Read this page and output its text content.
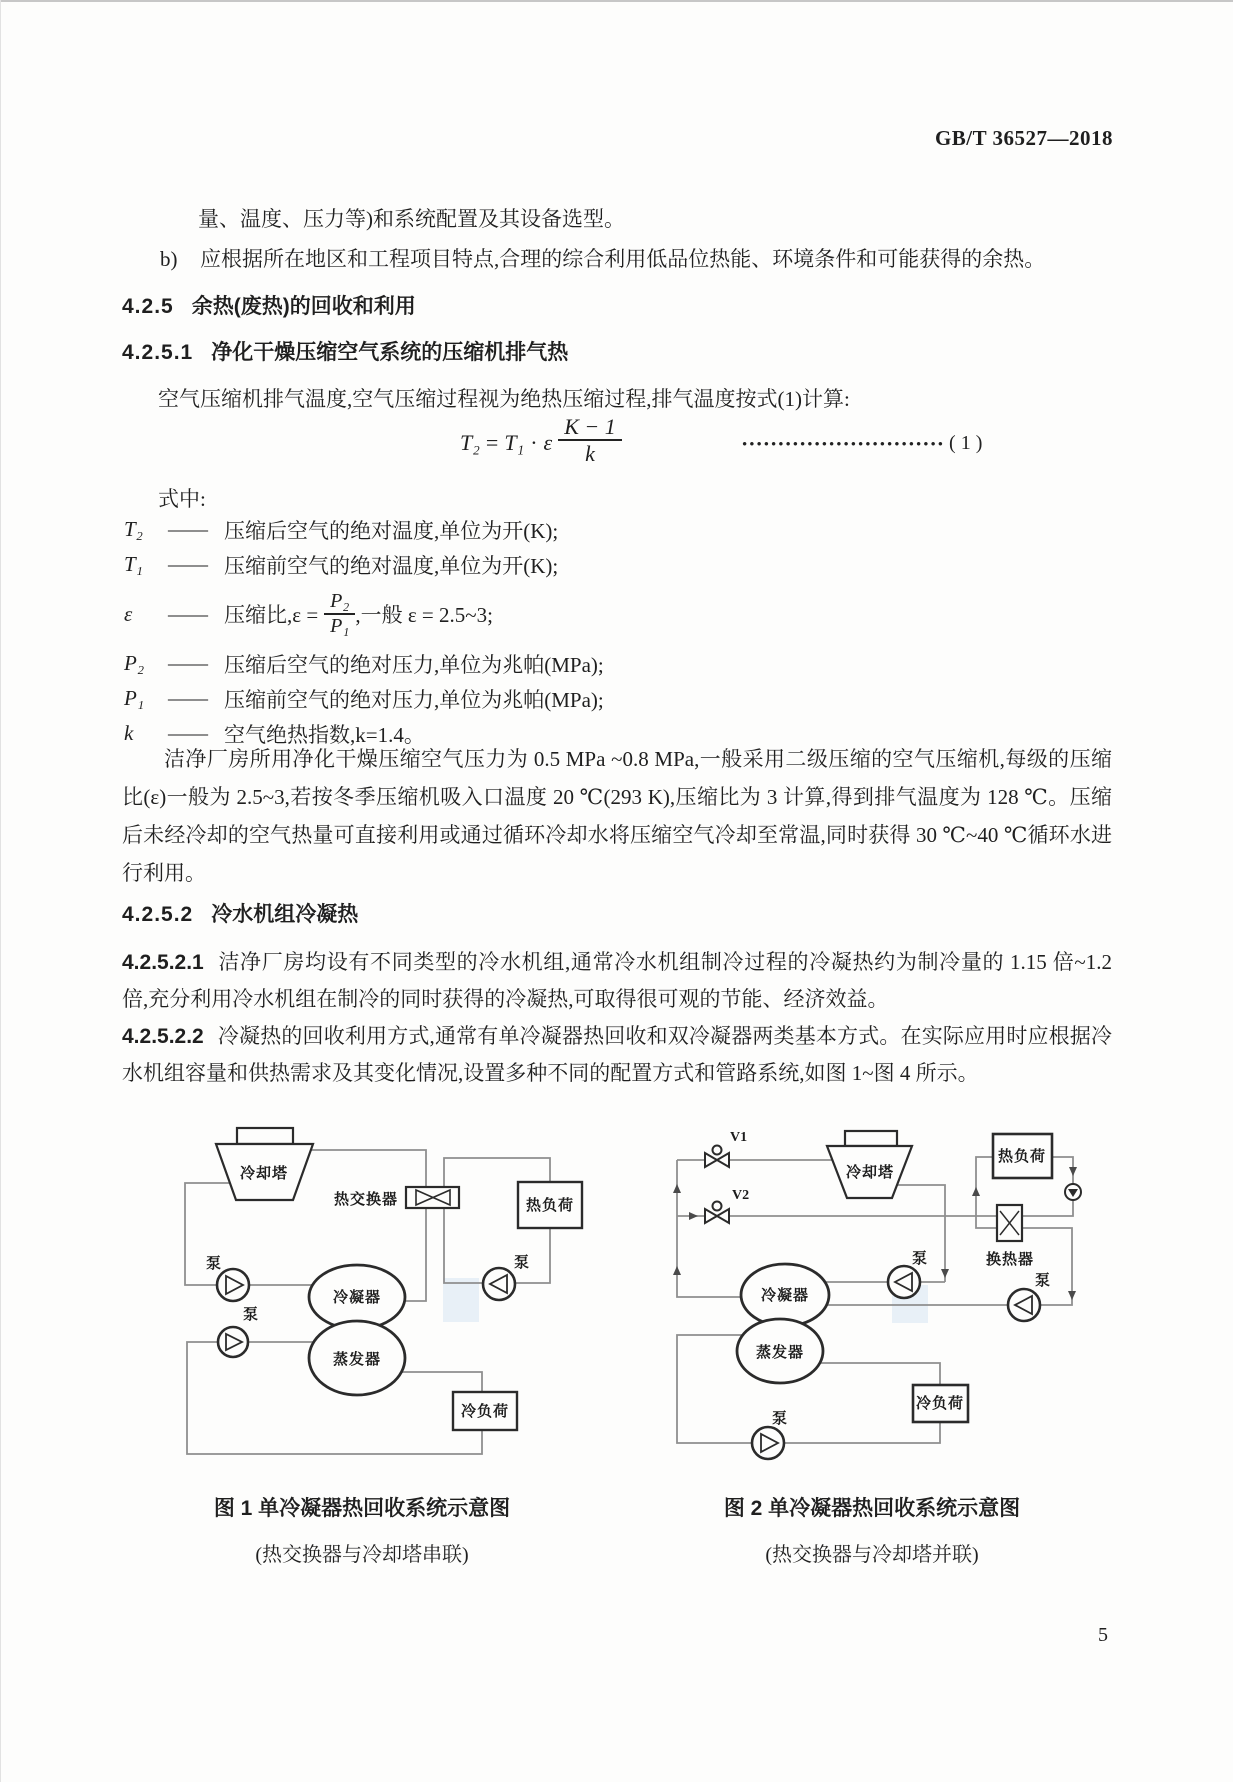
GB/T 36527—2018
量、温度、压力等)和系统配置及其设备选型。
b) 应根据所在地区和工程项目特点,合理的综合利用低品位热能、环境条件和可能获得的余热。
4.2.5 余热(废热)的回收和利用
4.2.5.1 净化干燥压缩空气系统的压缩机排气热
空气压缩机排气温度,空气压缩过程视为绝热压缩过程,排气温度按式(1)计算:
T₂ = T₁ · ε $\frac{K - 1}{k}$	•••••••••••••••••••••••••••• ( 1 )
式中:
T₂	—— 压缩后空气的绝对温度,单位为开(K);
T₁	—— 压缩前空气的绝对温度,单位为开(K);
ε	—— 压缩比$,\varepsilon = \frac{\text{P₂}}{\text{P₁}}$ ,一般 ε = 2.5~3;
P₂	—— 压缩后空气的绝对压力,单位为兆帕(MPa);
P₁	—— 压缩前空气的绝对压力,单位为兆帕(MPa);
k	—— 空气绝热指数,k=1.4。
洁净厂房所用净化干燥压缩空气压力为 0.5 MPa ~0.8 MPa,一般采用二级压缩的空气压缩机,每级的压缩比(ε)一般为 2.5~3,若按冬季压缩机吸入口温度 20 ℃(293 K),压缩比为 3 计算,得到排气温度为 128 ℃。压缩后未经冷却的空气热量可直接利用或通过循环冷却水将压缩空气冷却至常温,同时获得 30 ℃~40 ℃循环水进行利用。
4.2.5.2 冷水机组冷凝热
4.2.5.2.1 洁净厂房均设有不同类型的冷水机组,通常冷水机组制冷过程的冷凝热约为制冷量的 1.15 倍~1.2 倍,充分利用冷水机组在制冷的同时获得的冷凝热,可取得很可观的节能、经济效益。
4.2.5.2.2 冷凝热的回收利用方式,通常有单冷凝器热回收和双冷凝器两类基本方式。在实际应用时应根据冷水机组容量和供热需求及其变化情况,设置多种不同的配置方式和管路系统,如图 1~图 4 所示。
冷却塔
热交换器	热负荷
泵
泵
泵
冷凝器
蒸发器
冷负荷
V1
V2
冷却塔
热负荷
换热器
泵
泵
泵
冷凝器
蒸发器
冷负荷
图 1 单冷凝器热回收系统示意图
(热交换器与冷却塔串联)
图 2 单冷凝器热回收系统示意图
(热交换器与冷却塔并联)
5
